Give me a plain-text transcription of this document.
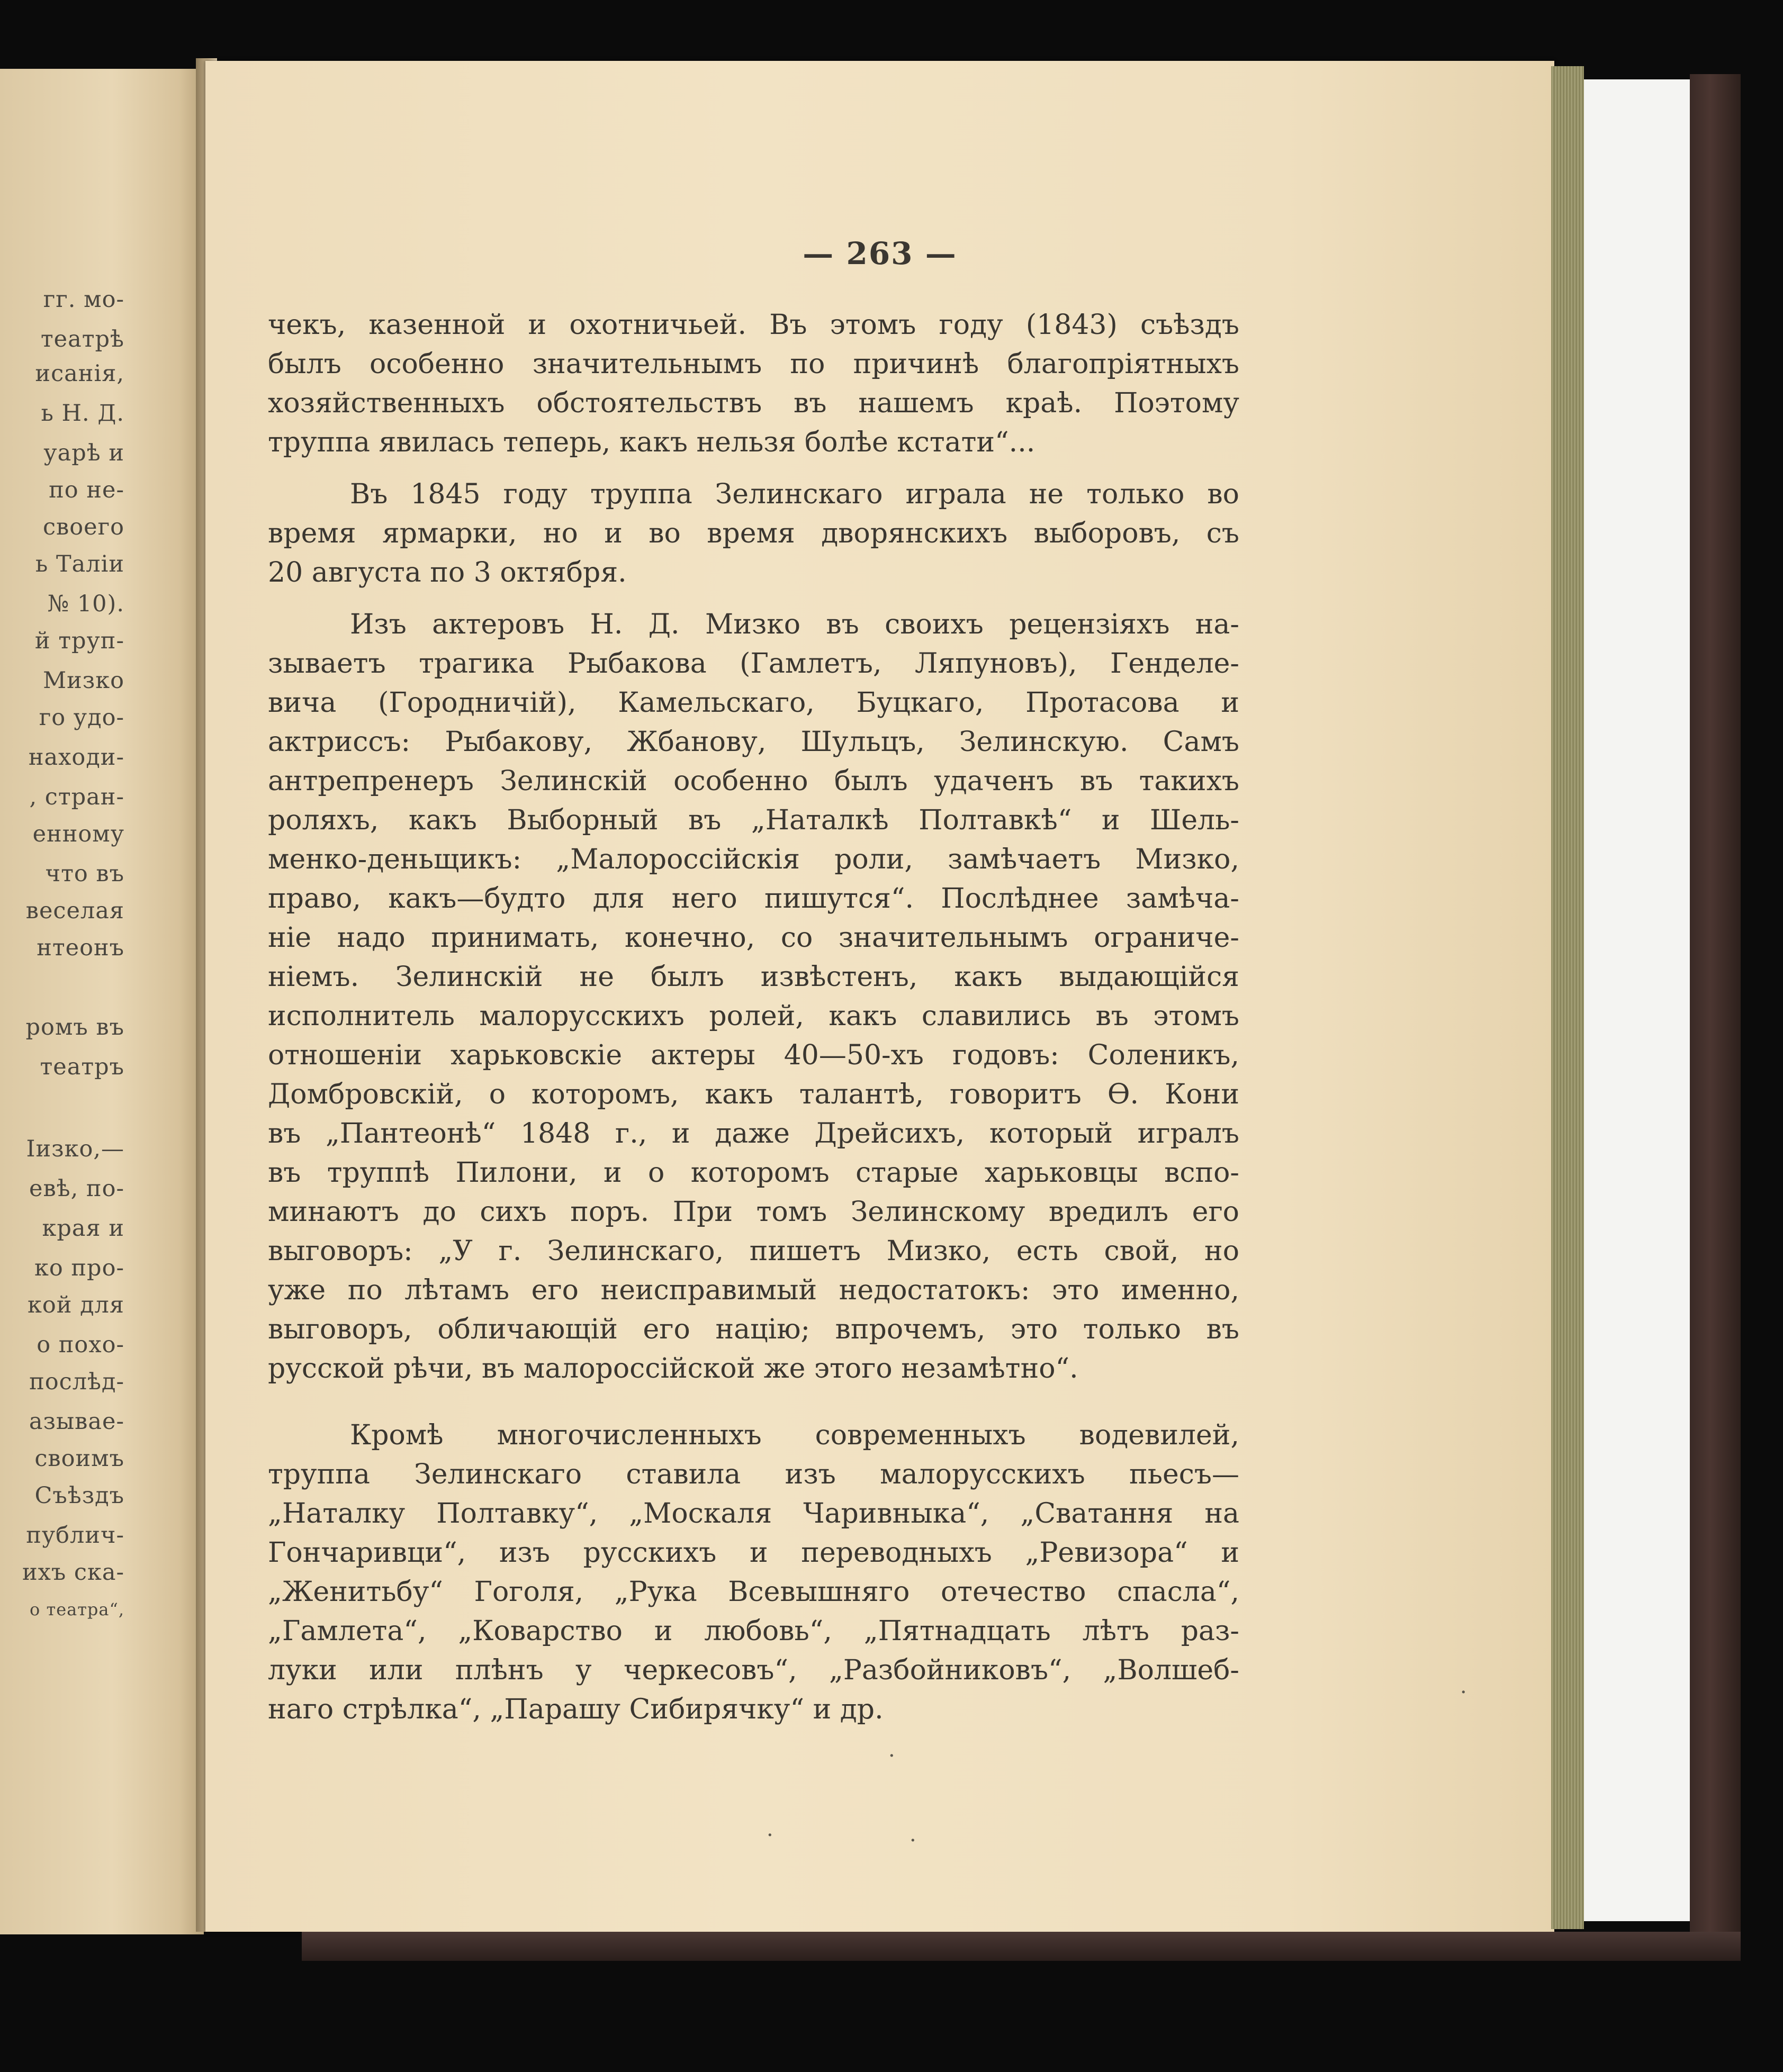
гг. мо-
театрѣ
исанія,
ь Н. Д.
уарѣ и
по не-
своего
ь Таліи
№ 10).
й труп-
Мизко
го удо-
находи-
, стран-
енному
что въ
веселая
нтеонъ
ромъ въ
театръ
Іизко,—
евѣ, по-
края и
ко про-
кой для
о похо-
послѣд-
азывае-
своимъ
Съѣздъ
публич-
ихъ ска-
о театра“,
— 263 —
чекъ, казенной и охотничьей. Въ этомъ году (1843) съѣздъ
былъ особенно значительнымъ по причинѣ благопріятныхъ
хозяйственныхъ обстоятельствъ въ нашемъ краѣ. Поэтому
труппа явилась теперь, какъ нельзя болѣе кстати“...
Въ 1845 году труппа Зелинскаго играла не только во
время ярмарки, но и во время дворянскихъ выборовъ, съ
20 августа по 3 октября.
Изъ актеровъ Н. Д. Мизко въ своихъ рецензіяхъ на-
зываетъ трагика Рыбакова (Гамлетъ, Ляпуновъ), Генделе-
вича (Городничій), Камельскаго, Буцкаго, Протасова и
актриссъ: Рыбакову, Жбанову, Шульцъ, Зелинскую. Самъ
антрепренеръ Зелинскій особенно былъ удаченъ въ такихъ
роляхъ, какъ Выборный въ „Наталкѣ Полтавкѣ“ и Шель-
менко-деньщикъ: „Малороссійскія роли, замѣчаетъ Мизко,
право, какъ—будто для него пишутся“. Послѣднее замѣча-
ніе надо принимать, конечно, со значительнымъ ограниче-
ніемъ. Зелинскій не былъ извѣстенъ, какъ выдающійся
исполнитель малорусскихъ ролей, какъ славились въ этомъ
отношеніи харьковскіе актеры 40—50-хъ годовъ: Соленикъ,
Домбровскій, о которомъ, какъ талантѣ, говоритъ Ѳ. Кони
въ „Пантеонѣ“ 1848 г., и даже Дрейсихъ, который игралъ
въ труппѣ Пилони, и о которомъ старые харьковцы вспо-
минаютъ до сихъ поръ. При томъ Зелинскому вредилъ его
выговоръ: „У г. Зелинскаго, пишетъ Мизко, есть свой, но
уже по лѣтамъ его неисправимый недостатокъ: это именно,
выговоръ, обличающій его націю; впрочемъ, это только въ
русской рѣчи, въ малороссійской же этого незамѣтно“.
Кромѣ многочисленныхъ современныхъ водевилей,
труппа Зелинскаго ставила изъ малорусскихъ пьесъ—
„Наталку Полтавку“, „Москаля Чаривныка“, „Сватання на
Гончаривци“, изъ русскихъ и переводныхъ „Ревизора“ и
„Женитьбу“ Гоголя, „Рука Всевышняго отечество спасла“,
„Гамлета“, „Коварство и любовь“, „Пятнадцать лѣтъ раз-
луки или плѣнъ у черкесовъ“, „Разбойниковъ“, „Волшеб-
наго стрѣлка“, „Парашу Сибирячку“ и др.
·
·	·
·
